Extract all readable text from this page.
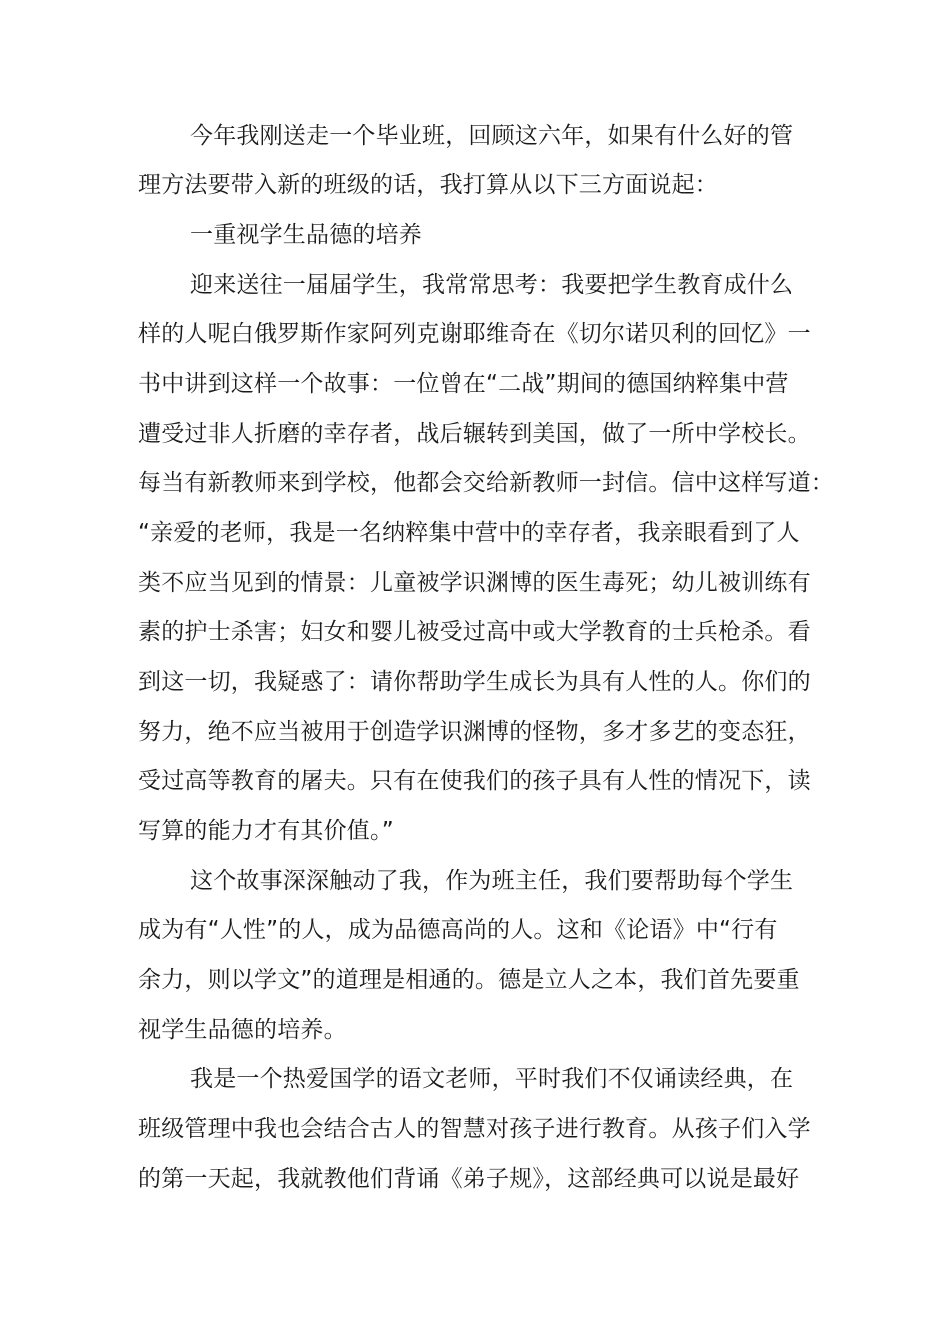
今年我刚送走一个毕业班，回顾这六年，如果有什么好的管
理方法要带入新的班级的话，我打算从以下三方面说起：
一重视学生品德的培养
迎来送往一届届学生，我常常思考：我要把学生教育成什么
样的人呢白俄罗斯作家阿列克谢耶维奇在《切尔诺贝利的回忆》一
书中讲到这样一个故事：一位曾在“二战”期间的德国纳粹集中营
遭受过非人折磨的幸存者，战后辗转到美国，做了一所中学校长。
每当有新教师来到学校，他都会交给新教师一封信。信中这样写道：
“亲爱的老师，我是一名纳粹集中营中的幸存者，我亲眼看到了人
类不应当见到的情景：儿童被学识渊博的医生毒死；幼儿被训练有
素的护士杀害；妇女和婴儿被受过高中或大学教育的士兵枪杀。看
到这一切，我疑惑了：请你帮助学生成长为具有人性的人。你们的
努力，绝不应当被用于创造学识渊博的怪物，多才多艺的变态狂，
受过高等教育的屠夫。只有在使我们的孩子具有人性的情况下，读
写算的能力才有其价值。”
这个故事深深触动了我，作为班主任，我们要帮助每个学生
成为有“人性”的人，成为品德高尚的人。这和《论语》中“行有
余力，则以学文”的道理是相通的。德是立人之本，我们首先要重
视学生品德的培养。
我是一个热爱国学的语文老师，平时我们不仅诵读经典，在
班级管理中我也会结合古人的智慧对孩子进行教育。从孩子们入学
的第一天起，我就教他们背诵《弟子规》，这部经典可以说是最好
